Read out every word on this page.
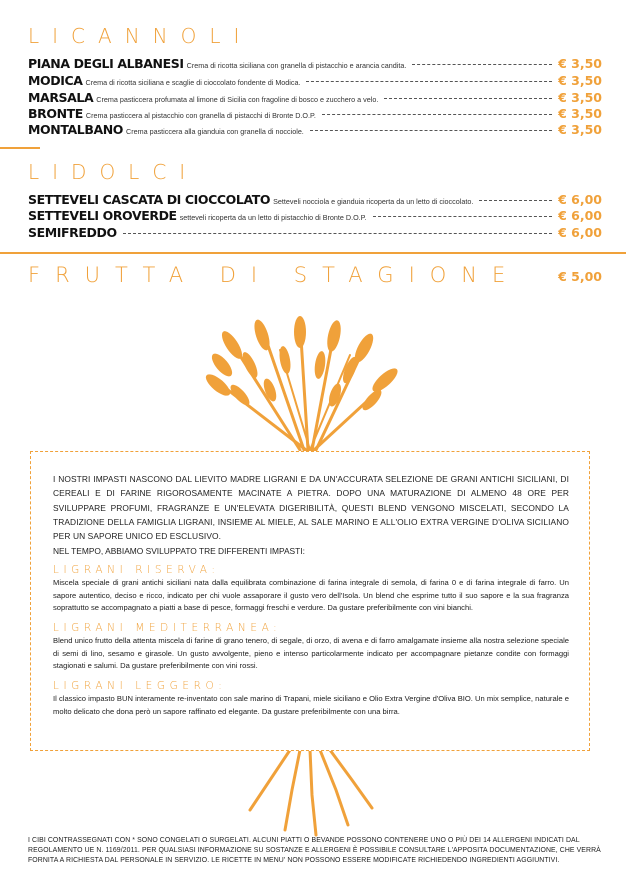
LICANNOLI
PIANA DEGLI ALBANESI Crema di ricotta siciliana con granella di pistacchio e arancia candita.	€ 3,50
MODICA Crema di ricotta siciliana e scaglie di cioccolato fondente di Modica.	€ 3,50
MARSALA Crema pasticcera profumata al limone di Sicilia con fragoline di bosco e zucchero a velo.	€ 3,50
BRONTE Crema pasticcera al pistacchio con granella di pistacchi di Bronte D.O.P.	€ 3,50
MONTALBANO Crema pasticcera alla gianduia con granella di nocciole.	€ 3,50
LIDOLCI
SETTEVELI CASCATA DI CIOCCOLATO Setteveli nocciola e gianduia ricoperta da un letto di cioccolato.	€ 6,00
SETTEVELI OROVERDE setteveli ricoperta da un letto di pistacchio di Bronte D.O.P.	€ 6,00
SEMIFREDDO	€ 6,00
FRUTTA DI STAGIONE	€ 5,00

I NOSTRI IMPASTI NASCONO DAL LIEVITO MADRE LIGRANI E DA UN'ACCURATA SELEZIONE DE GRANI ANTICHI SICILIANI, DI CEREALI E DI FARINE RIGOROSAMENTE MACINATE A PIETRA. DOPO UNA MATURAZIONE DI ALMENO 48 ORE PER SVILUPPARE PROFUMI, FRAGRANZE E UN'ELEVATA DIGERIBILITÀ, QUESTI BLEND VENGONO MISCELATI, SECONDO LA TRADIZIONE DELLA FAMIGLIA LIGRANI, INSIEME AL MIELE, AL SALE MARINO E ALL'OLIO EXTRA VERGINE D'OLIVA SICILIANO PER UN SAPORE UNICO ED ESCLUSIVO.

NEL TEMPO, ABBIAMO SVILUPPATO TRE DIFFERENTI IMPASTI:

LIGRANI RISERVA:

Miscela speciale di grani antichi siciliani nata dalla equilibrata combinazione di farina integrale di semola, di farina 0 e di farina integrale di farro. Un sapore autentico, deciso e ricco, indicato per chi vuole assaporare il gusto vero dell'Isola. Un blend che esprime tutto il suo sapore e la sua fragranza soprattutto se accompagnato a piatti a base di pesce, formaggi freschi e verdure. Da gustare preferibilmente con vini bianchi.

LIGRANI MEDITERRANEA:

Blend unico frutto della attenta miscela di farine di grano tenero, di segale, di orzo, di avena e di farro amalgamate insieme alla nostra selezione speciale di semi di lino, sesamo e girasole. Un gusto avvolgente, pieno e intenso particolarmente indicato per accompagnare pietanze condite con formaggi stagionati e salumi. Da gustare preferibilmente con vini rossi.

LIGRANI LEGGERO:

Il classico impasto BUN interamente re-inventato con sale marino di Trapani, miele siciliano e Olio Extra Vergine d'Oliva BIO. Un mix semplice, naturale e molto delicato che dona però un sapore raffinato ed elegante. Da gustare preferibilmente con una birra.

I CIBI CONTRASSEGNATI CON * SONO CONGELATI O SURGELATI. ALCUNI PIATTI O BEVANDE POSSONO CONTENERE UNO O PIÙ DEI 14 ALLERGENI INDICATI DAL REGOLAMENTO UE N. 1169/2011. PER QUALSIASI INFORMAZIONE SU SOSTANZE E ALLERGENI È POSSIBILE CONSULTARE L'APPOSITA DOCUMENTAZIONE, CHE VERRÀ FORNITA A RICHIESTA DAL PERSONALE IN SERVIZIO. LE RICETTE IN MENU' NON POSSONO ESSERE MODIFICATE RICHIEDENDO INGREDIENTI AGGIUNTIVI.
